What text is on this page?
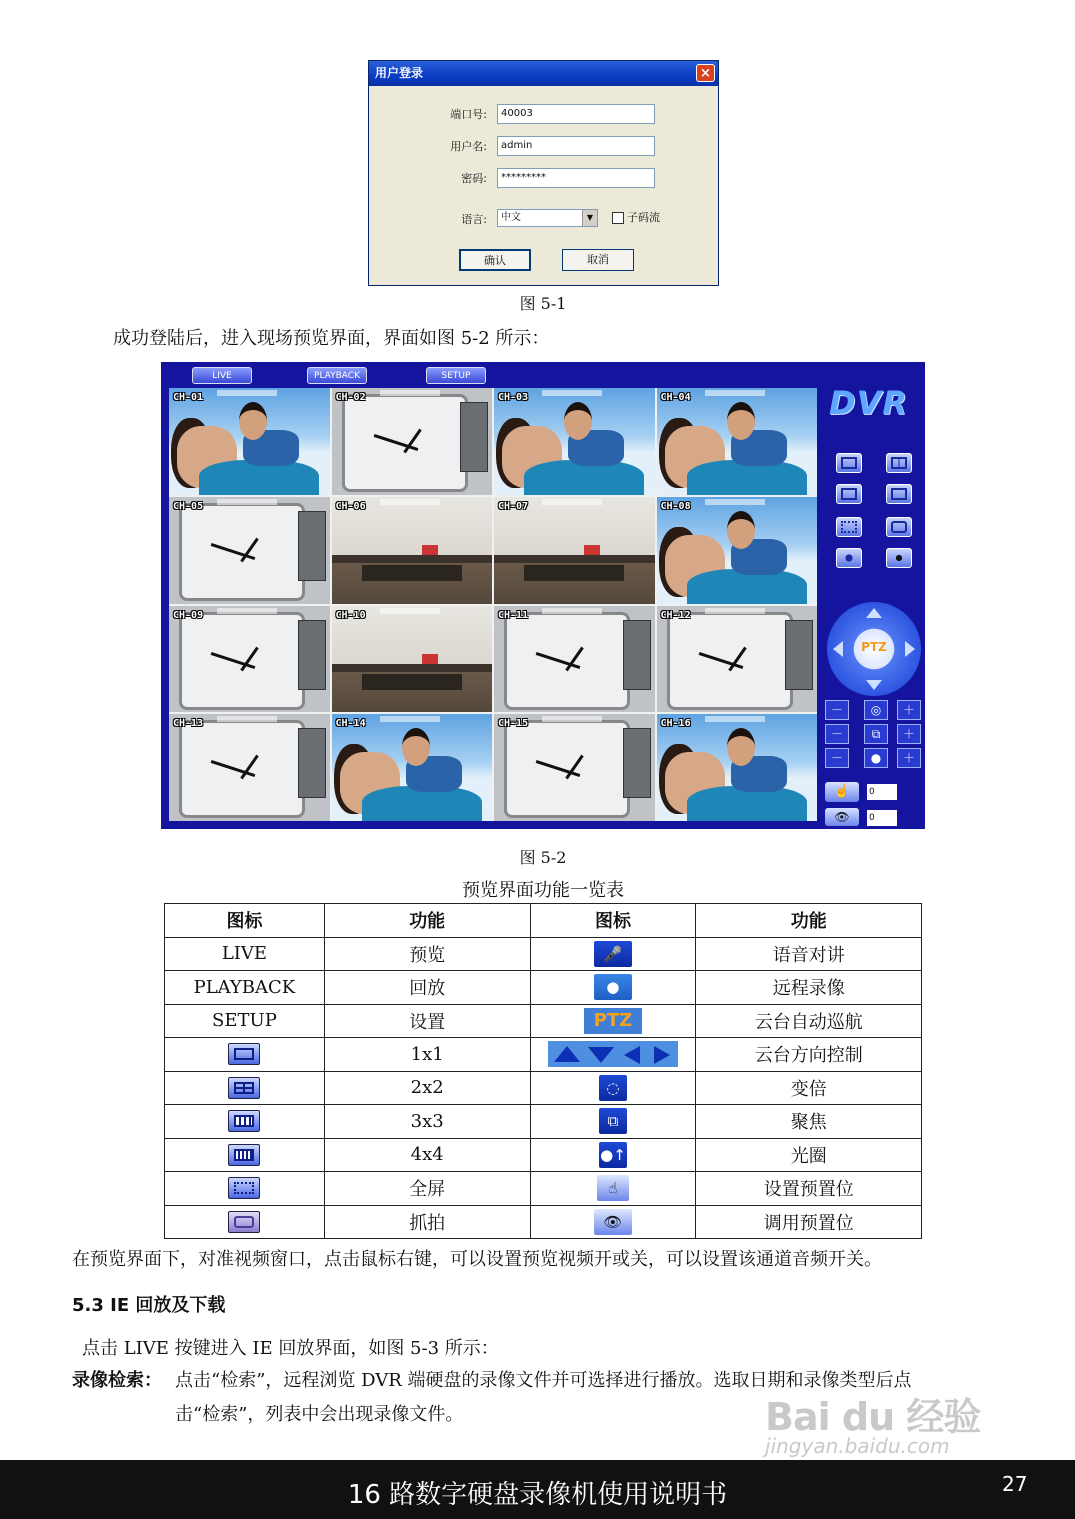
用户登录	×
端口号:	40003
用户名:	admin
密码:	*********
语言:	中文	▼	子码流
确认	取消
图 5-1
成功登陆后，进入现场预览界面，界面如图 5-2 所示：
LIVE	PLAYBACK	SETUP
CH-01	CH-02	CH-03	CH-04
CH-05	CH-06	CH-07	CH-08
CH-09	CH-10	CH-11	CH-12
CH-13	CH-14	CH-15	CH-16
DVR
PTZ
－	◎	＋
－	⧉	＋
－	●	＋
☝	0
👁	0
图 5-2
预览界面功能一览表
图标	功能	图标	功能
LIVE	预览	🎤	语音对讲
PLAYBACK	回放	●	远程录像
SETUP	设置	PTZ	云台自动巡航

	1x1		云台方向控制

	2x2	◌	变倍

	3x3	⧉	聚焦

	4x4	●↑	光圈

	全屏	☝	设置预置位

	抓拍	👁	调用预置位
在预览界面下，对准视频窗口，点击鼠标右键，可以设置预览视频开或关，可以设置该通道音频开关。
5.3 IE 回放及下载
点击 LIVE 按键进入 IE 回放界面，如图 5-3 所示：
录像检索： 点击“检索”，远程浏览 DVR 端硬盘的录像文件并可选择进行播放。选取日期和录像类型后点
击“检索”，列表中会出现录像文件。	Bai du 经验
jingyan.baidu.com
16 路数字硬盘录像机使用说明书	27
